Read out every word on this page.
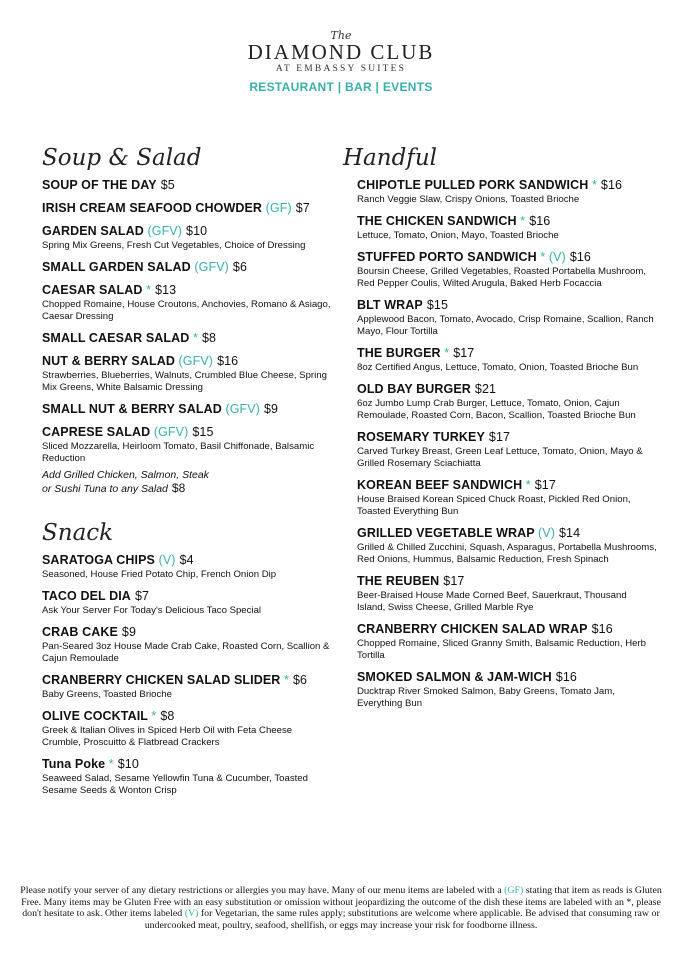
The
DIAMOND CLUB
AT EMBASSY SUITES
RESTAURANT | BAR | EVENTS
Soup & Salad
SOUP OF THE DAY $5
IRISH CREAM SEAFOOD CHOWDER (GF) $7
GARDEN SALAD (GFV) $10
Spring Mix Greens, Fresh Cut Vegetables, Choice of Dressing
SMALL GARDEN SALAD (GFV) $6
CAESAR SALAD * $13
Chopped Romaine, House Croutons, Anchovies, Romano & Asiago, Caesar Dressing
SMALL CAESAR SALAD * $8
NUT & BERRY SALAD (GFV) $16
Strawberries, Blueberries, Walnuts, Crumbled Blue Cheese, Spring Mix Greens, White Balsamic Dressing
SMALL NUT & BERRY SALAD (GFV) $9
CAPRESE SALAD (GFV) $15
Sliced Mozzarella, Heirloom Tomato, Basil Chiffonade, Balsamic Reduction
Add Grilled Chicken, Salmon, Steak
or Sushi Tuna to any Salad $8
Snack
SARATOGA CHIPS (V) $4
Seasoned, House Fried Potato Chip, French Onion Dip
TACO DEL DIA $7
Ask Your Server For Today's Delicious Taco Special
CRAB CAKE $9
Pan-Seared 3oz House Made Crab Cake, Roasted Corn, Scallion & Cajun Remoulade
CRANBERRY CHICKEN SALAD SLIDER * $6
Baby Greens, Toasted Brioche
OLIVE COCKTAIL * $8
Greek & Italian Olives in Spiced Herb Oil with Feta Cheese Crumble, Proscuitto & Flatbread Crackers
Tuna Poke * $10
Seaweed Salad, Sesame Yellowfin Tuna & Cucumber, Toasted Sesame Seeds & Wonton Crisp
Handful
CHIPOTLE PULLED PORK SANDWICH * $16
Ranch Veggie Slaw, Crispy Onions, Toasted Brioche
THE CHICKEN SANDWICH * $16
Lettuce, Tomato, Onion, Mayo, Toasted Brioche
STUFFED PORTO SANDWICH * (V) $16
Boursin Cheese, Grilled Vegetables, Roasted Portabella Mushroom, Red Pepper Coulis, Wilted Arugula, Baked Herb Focaccia
BLT WRAP $15
Applewood Bacon, Tomato, Avocado, Crisp Romaine, Scallion, Ranch Mayo, Flour Tortilla
THE BURGER * $17
8oz Certified Angus, Lettuce, Tomato, Onion, Toasted Brioche Bun
OLD BAY BURGER $21
6oz Jumbo Lump Crab Burger, Lettuce, Tomato, Onion, Cajun Remoulade, Roasted Corn, Bacon, Scallion, Toasted Brioche Bun
ROSEMARY TURKEY $17
Carved Turkey Breast, Green Leaf Lettuce, Tomato, Onion, Mayo & Grilled Rosemary Sciachiatta
KOREAN BEEF SANDWICH * $17
House Braised Korean Spiced Chuck Roast, Pickled Red Onion, Toasted Everything Bun
GRILLED VEGETABLE WRAP (V) $14
Grilled & Chilled Zucchini, Squash, Asparagus, Portabella Mushrooms, Red Onions, Hummus, Balsamic Reduction, Fresh Spinach
THE REUBEN $17
Beer-Braised House Made Corned Beef, Sauerkraut, Thousand Island, Swiss Cheese, Grilled Marble Rye
CRANBERRY CHICKEN SALAD WRAP $16
Chopped Romaine, Sliced Granny Smith, Balsamic Reduction, Herb Tortilla
SMOKED SALMON & JAM-WICH $16
Ducktrap River Smoked Salmon, Baby Greens, Tomato Jam, Everything Bun
Please notify your server of any dietary restrictions or allergies you may have. Many of our menu items are labeled with a (GF) stating that item as reads is Gluten Free. Many items may be Gluten Free with an easy substitution or omission without jeopardizing the outcome of the dish these items are labeled with an *, please don't hesitate to ask. Other items labeled (V) for Vegetarian, the same rules apply; substitutions are welcome where applicable. Be advised that consuming raw or undercooked meat, poultry, seafood, shellfish, or eggs may increase your risk for foodborne illness.
